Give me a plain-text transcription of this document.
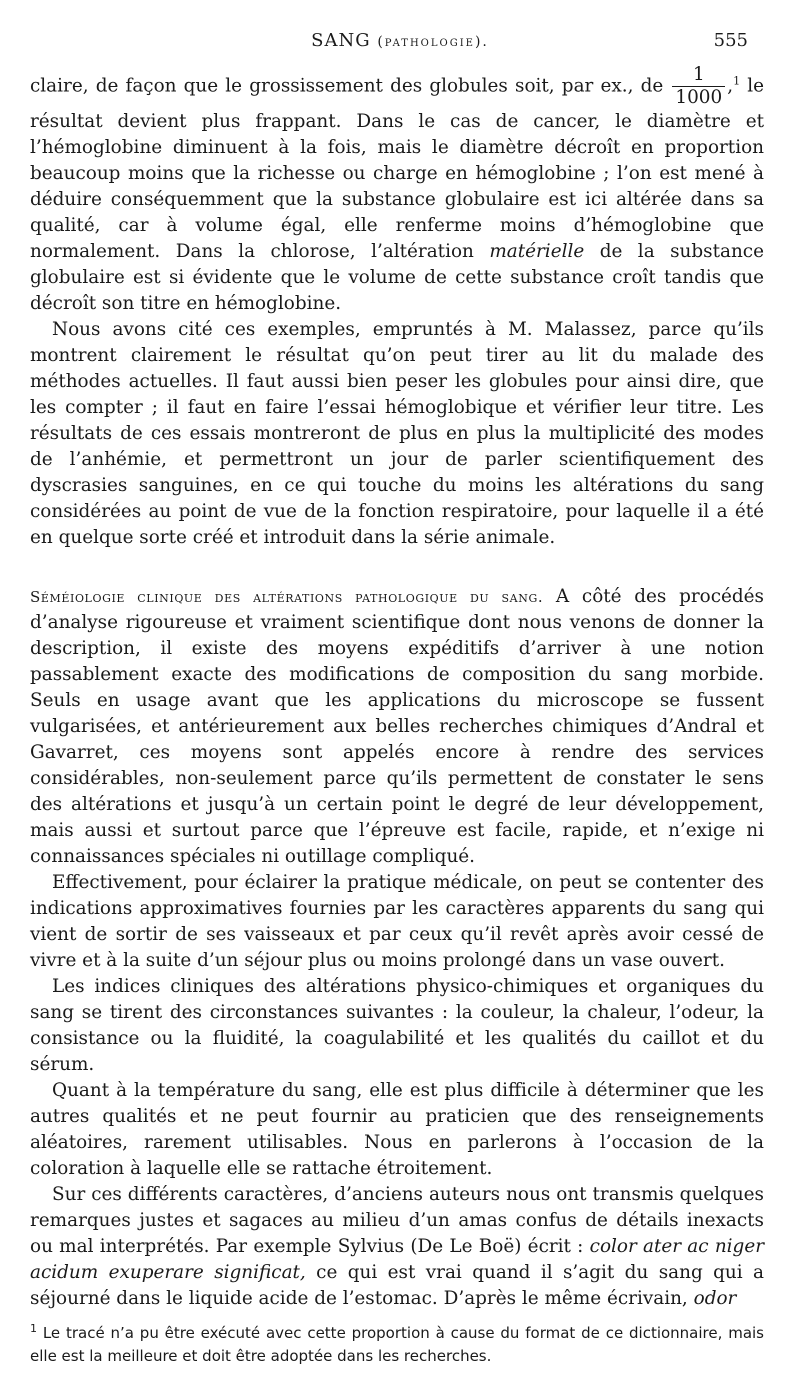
SANG (pathologie).	555

claire, de façon que le grossissement des globules soit, par ex., de $\frac{1}{1000} ,^1$ le résultat devient plus frappant. Dans le cas de cancer, le diamètre et l’hémoglobine diminuent à la fois, mais le diamètre décroît en proportion beaucoup moins que la richesse ou charge en hémoglobine ; l’on est mené à déduire conséquemment que la substance globulaire est ici altérée dans sa qualité, car à volume égal, elle renferme moins d’hémoglobine que normalement. Dans la chlorose, l’altération matérielle de la substance globulaire est si évidente que le volume de cette substance croît tandis que décroît son titre en hémoglobine.

Nous avons cité ces exemples, empruntés à M. Malassez, parce qu’ils montrent clairement le résultat qu’on peut tirer au lit du malade des méthodes actuelles. Il faut aussi bien peser les globules pour ainsi dire, que les compter ; il faut en faire l’essai hémoglobique et vérifier leur titre. Les résultats de ces essais montreront de plus en plus la multiplicité des modes de l’anhémie, et permettront un jour de parler scientifiquement des dyscrasies sanguines, en ce qui touche du moins les altérations du sang considérées au point de vue de la fonction respiratoire, pour laquelle il a été en quelque sorte créé et introduit dans la série animale.

Séméiologie clinique des altérations pathologique du sang. A côté des procédés d’analyse rigoureuse et vraiment scientifique dont nous venons de donner la description, il existe des moyens expéditifs d’arriver à une notion passablement exacte des modifications de composition du sang morbide. Seuls en usage avant que les applications du microscope se fussent vulgarisées, et antérieurement aux belles recherches chimiques d’Andral et Gavarret, ces moyens sont appelés encore à rendre des services considérables, non-seulement parce qu’ils permettent de constater le sens des altérations et jusqu’à un certain point le degré de leur développement, mais aussi et surtout parce que l’épreuve est facile, rapide, et n’exige ni connaissances spéciales ni outillage compliqué.

Effectivement, pour éclairer la pratique médicale, on peut se contenter des indications approximatives fournies par les caractères apparents du sang qui vient de sortir de ses vaisseaux et par ceux qu’il revêt après avoir cessé de vivre et à la suite d’un séjour plus ou moins prolongé dans un vase ouvert.

Les indices cliniques des altérations physico-chimiques et organiques du sang se tirent des circonstances suivantes : la couleur, la chaleur, l’odeur, la consistance ou la fluidité, la coagulabilité et les qualités du caillot et du sérum.

Quant à la température du sang, elle est plus difficile à déterminer que les autres qualités et ne peut fournir au praticien que des renseignements aléatoires, rarement utilisables. Nous en parlerons à l’occasion de la coloration à laquelle elle se rattache étroitement.

Sur ces différents caractères, d’anciens auteurs nous ont transmis quelques remarques justes et sagaces au milieu d’un amas confus de détails inexacts ou mal interprétés. Par exemple Sylvius (De Le Boë) écrit : color ater ac niger acidum exuperare significat, ce qui est vrai quand il s’agit du sang qui a séjourné dans le liquide acide de l’estomac. D’après le même écrivain, odor

$^1$ Le tracé n’a pu être exécuté avec cette proportion à cause du format de ce dictionnaire, mais elle est la meilleure et doit être adoptée dans les recherches.
